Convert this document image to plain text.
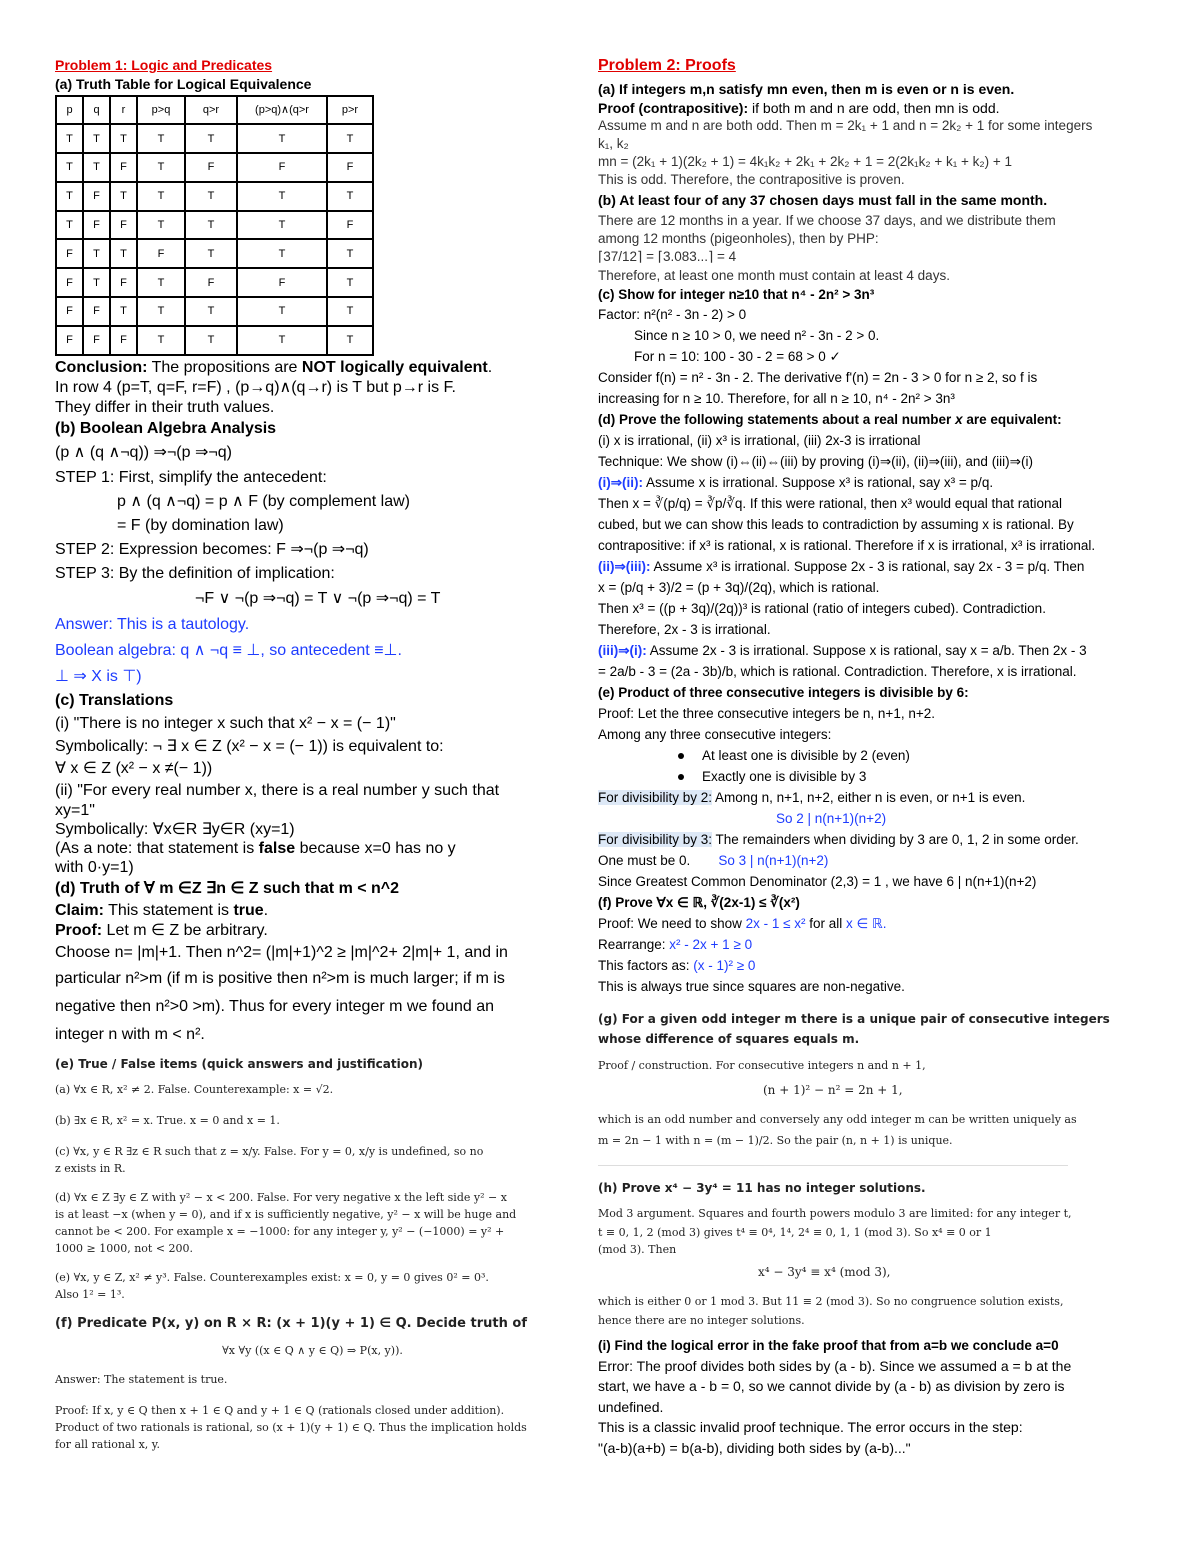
Problem 1: Logic and Predicates

(a) Truth Table for Logical Equivalence

p	q	r	p>q	q>r	(p>q)∧(q>r	p>r
T	T	T	T	T	T	T
T	T	F	T	F	F	F
T	F	T	T	T	T	T
T	F	F	T	T	T	F
F	T	T	F	T	T	T
F	T	F	T	F	F	T
F	F	T	T	T	T	T
F	F	F	T	T	T	T

Conclusion: The propositions are NOT logically equivalent.

In row 4 (p=T, q=F, r=F) , (p→q)∧(q→r) is T but p→r is F.

They differ in their truth values.

(b) Boolean Algebra Analysis

(p ∧ (q ∧¬q)) ⇒¬(p ⇒¬q)

STEP 1: First, simplify the antecedent:

p ∧ (q ∧¬q) = p ∧ F (by complement law)

= F (by domination law)

STEP 2: Expression becomes: F ⇒¬(p ⇒¬q)

STEP 3: By the definition of implication:

¬F ∨ ¬(p ⇒¬q) = T ∨ ¬(p ⇒¬q) = T

Answer: This is a tautology.

Boolean algebra: q ∧ ¬q ≡ ⊥, so antecedent ≡⊥.

⊥ ⇒ X is ⊤)

(c) Translations

(i) "There is no integer x such that x² − x = (− 1)"

Symbolically: ¬ ∃ x ∈ Z (x² − x = (− 1)) is equivalent to:

∀ x ∈ Z (x² − x ≠(− 1))

(ii) "For every real number x, there is a real number y such that

xy=1"

Symbolically: ∀x∈R ∃y∈R (xy=1)

(As a note: that statement is false because x=0 has no y

with 0·y=1)

(d) Truth of ∀ m ∈Z ∃n ∈ Z such that m < n^2

Claim: This statement is true.

Proof: Let m ∈ Z be arbitrary.

Choose n= |m|+1. Then n^2= (|m|+1)^2 ≥ |m|^2+ 2|m|+ 1, and in

particular n²>m (if m is positive then n²>m is much larger; if m is

negative then n²>0 >m). Thus for every integer m we found an

integer n with m < n².

(e) True / False items (quick answers and justification)

(a) ∀x ∈ R, x² ≠ 2. False. Counterexample: x = √2.

(b) ∃x ∈ R, x² = x. True. x = 0 and x = 1.

(c) ∀x, y ∈ R ∃z ∈ R such that z = x/y. False. For y = 0, x/y is undefined, so no

z exists in R.

(d) ∀x ∈ Z ∃y ∈ Z with y² − x < 200. False. For very negative x the left side y² − x

is at least −x (when y = 0), and if x is sufficiently negative, y² − x will be huge and

cannot be < 200. For example x = −1000: for any integer y, y² − (−1000) = y² +

1000 ≥ 1000, not < 200.

(e) ∀x, y ∈ Z, x² ≠ y³. False. Counterexamples exist: x = 0, y = 0 gives 0² = 0³.

Also 1² = 1³.

(f) Predicate P(x, y) on R × R: (x + 1)(y + 1) ∈ Q. Decide truth of

∀x ∀y ((x ∈ Q ∧ y ∈ Q) ⇒ P(x, y)).

Answer: The statement is true.

Proof: If x, y ∈ Q then x + 1 ∈ Q and y + 1 ∈ Q (rationals closed under addition).

Product of two rationals is rational, so (x + 1)(y + 1) ∈ Q. Thus the implication holds

for all rational x, y.

Problem 2: Proofs

(a) If integers m,n satisfy mn even, then m is even or n is even.

Proof (contrapositive): if both m and n are odd, then mn is odd.

Assume m and n are both odd. Then m = 2k₁ + 1 and n = 2k₂ + 1 for some integers

k₁, k₂

mn = (2k₁ + 1)(2k₂ + 1) = 4k₁k₂ + 2k₁ + 2k₂ + 1 = 2(2k₁k₂ + k₁ + k₂) + 1

This is odd. Therefore, the contrapositive is proven.

(b) At least four of any 37 chosen days must fall in the same month.

There are 12 months in a year. If we choose 37 days, and we distribute them

among 12 months (pigeonholes), then by PHP:

⌈37/12⌉ = ⌈3.083...⌉ = 4

Therefore, at least one month must contain at least 4 days.

(c) Show for integer n≥10 that n⁴ - 2n² > 3n³

Factor: n²(n² - 3n - 2) > 0

Since n ≥ 10 > 0, we need n² - 3n - 2 > 0.

For n = 10: 100 - 30 - 2 = 68 > 0 ✓

Consider f(n) = n² - 3n - 2. The derivative f'(n) = 2n - 3 > 0 for n ≥ 2, so f is

increasing for n ≥ 10. Therefore, for all n ≥ 10, n⁴ - 2n² > 3n³

(d) Prove the following statements about a real number x are equivalent:

(i) x is irrational, (ii) x³ is irrational, (iii) 2x-3 is irrational

Technique: We show (i)⇔(ii)⇔(iii) by proving (i)⇒(ii), (ii)⇒(iii), and (iii)⇒(i)

(i)⇒(ii): Assume x is irrational. Suppose x³ is rational, say x³ = p/q.

Then x = ∛(p/q) = ∛p/∛q. If this were rational, then x³ would equal that rational

cubed, but we can show this leads to contradiction by assuming x is rational. By

contrapositive: if x³ is rational, x is rational. Therefore if x is irrational, x³ is irrational.

(ii)⇒(iii): Assume x³ is irrational. Suppose 2x - 3 is rational, say 2x - 3 = p/q. Then

x = (p/q + 3)/2 = (p + 3q)/(2q), which is rational.

Then x³ = ((p + 3q)/(2q))³ is rational (ratio of integers cubed). Contradiction.

Therefore, 2x - 3 is irrational.

(iii)⇒(i): Assume 2x - 3 is irrational. Suppose x is rational, say x = a/b. Then 2x - 3

= 2a/b - 3 = (2a - 3b)/b, which is rational. Contradiction. Therefore, x is irrational.

(e) Product of three consecutive integers is divisible by 6:

Proof: Let the three consecutive integers be n, n+1, n+2.

Among any three consecutive integers:

At least one is divisible by 2 (even)

Exactly one is divisible by 3

For divisibility by 2: Among n, n+1, n+2, either n is even, or n+1 is even.

So 2 | n(n+1)(n+2)

For divisibility by 3: The remainders when dividing by 3 are 0, 1, 2 in some order.

One must be 0. So 3 | n(n+1)(n+2)

Since Greatest Common Denominator (2,3) = 1 , we have 6 | n(n+1)(n+2)

(f) Prove ∀x ∈ ℝ, ∛(2x-1) ≤ ∛(x²)

Proof: We need to show 2x - 1 ≤ x² for all x ∈ ℝ.

Rearrange: x² - 2x + 1 ≥ 0

This factors as: (x - 1)² ≥ 0

This is always true since squares are non-negative.

(g) For a given odd integer m there is a unique pair of consecutive integers

whose difference of squares equals m.

Proof / construction. For consecutive integers n and n + 1,

(n + 1)² − n² = 2n + 1,

which is an odd number and conversely any odd integer m can be written uniquely as

m = 2n − 1 with n = (m − 1)/2. So the pair (n, n + 1) is unique.

(h) Prove x⁴ − 3y⁴ = 11 has no integer solutions.

Mod 3 argument. Squares and fourth powers modulo 3 are limited: for any integer t,

t ≡ 0, 1, 2 (mod 3) gives t⁴ ≡ 0⁴, 1⁴, 2⁴ ≡ 0, 1, 1 (mod 3). So x⁴ ≡ 0 or 1

(mod 3). Then

x⁴ − 3y⁴ ≡ x⁴ (mod 3),

which is either 0 or 1 mod 3. But 11 ≡ 2 (mod 3). So no congruence solution exists,

hence there are no integer solutions.

(i) Find the logical error in the fake proof that from a=b we conclude a=0

Error: The proof divides both sides by (a - b). Since we assumed a = b at the

start, we have a - b = 0, so we cannot divide by (a - b) as division by zero is

undefined.

This is a classic invalid proof technique. The error occurs in the step:

"(a-b)(a+b) = b(a-b), dividing both sides by (a-b)..."
